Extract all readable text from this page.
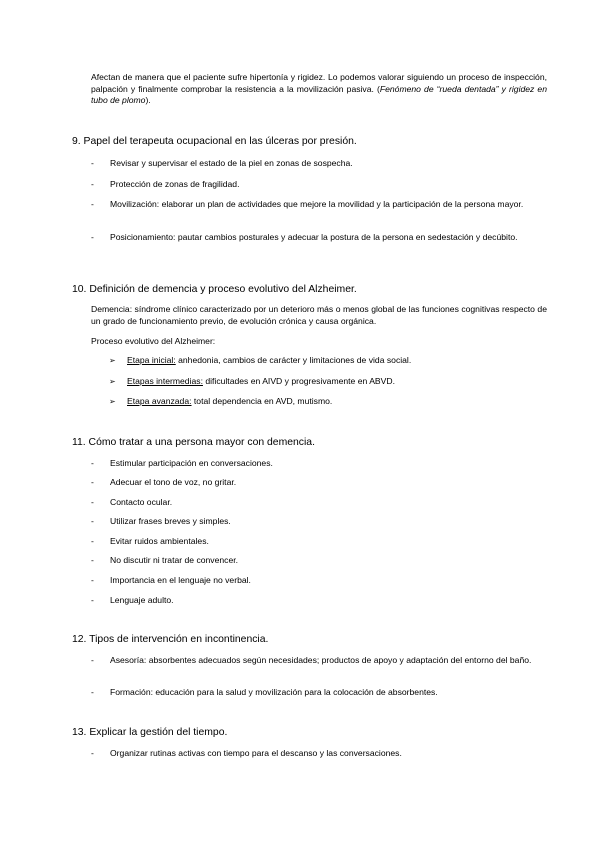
Afectan de manera que el paciente sufre hipertonía y rigidez. Lo podemos valorar siguiendo un proceso de inspección, palpación y finalmente comprobar la resistencia a la movilización pasiva. (Fenómeno de “rueda dentada” y rigidez en tubo de plomo).
9. Papel del terapeuta ocupacional en las úlceras por presión.
- Revisar y supervisar el estado de la piel en zonas de sospecha.
- Protección de zonas de fragilidad.
- Movilización: elaborar un plan de actividades que mejore la movilidad y la participación de la persona mayor.
- Posicionamiento: pautar cambios posturales y adecuar la postura de la persona en sedestación y decúbito.
10. Definición de demencia y proceso evolutivo del Alzheimer.
Demencia: síndrome clínico caracterizado por un deterioro más o menos global de las funciones cognitivas respecto de un grado de funcionamiento previo, de evolución crónica y causa orgánica.
Proceso evolutivo del Alzheimer:
➢ Etapa inicial: anhedonia, cambios de carácter y limitaciones de vida social.
➢ Etapas intermedias: dificultades en AIVD y progresivamente en ABVD.
➢ Etapa avanzada: total dependencia en AVD, mutismo.
11. Cómo tratar a una persona mayor con demencia.
- Estimular participación en conversaciones.
- Adecuar el tono de voz, no gritar.
- Contacto ocular.
- Utilizar frases breves y simples.
- Evitar ruidos ambientales.
- No discutir ni tratar de convencer.
- Importancia en el lenguaje no verbal.
- Lenguaje adulto.
12. Tipos de intervención en incontinencia.
- Asesoría: absorbentes adecuados según necesidades; productos de apoyo y adaptación del entorno del baño.
- Formación: educación para la salud y movilización para la colocación de absorbentes.
13. Explicar la gestión del tiempo.
- Organizar rutinas activas con tiempo para el descanso y las conversaciones.
